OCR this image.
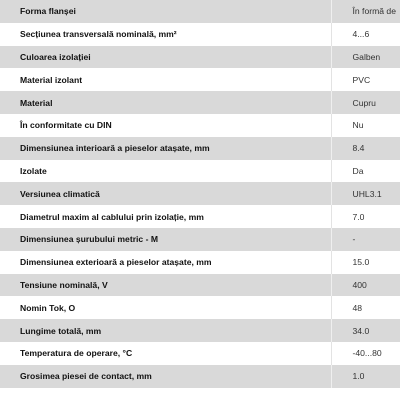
Forma flanșei	În formă de
Secțiunea transversală nominală, mm²	4...6
Culoarea izolației	Galben
Material izolant	PVC
Material	Cupru
În conformitate cu DIN	Nu
Dimensiunea interioară a pieselor atașate, mm	8.4
Izolate	Da
Versiunea climatică	UHL3.1
Diametrul maxim al cablului prin izolație, mm	7.0
Dimensiunea șurubului metric - M	-
Dimensiunea exterioară a pieselor atașate, mm	15.0
Tensiune nominală, V	400
Nomin Tok, O	48
Lungime totală, mm	34.0
Temperatura de operare, °C	-40...80
Grosimea piesei de contact, mm	1.0
